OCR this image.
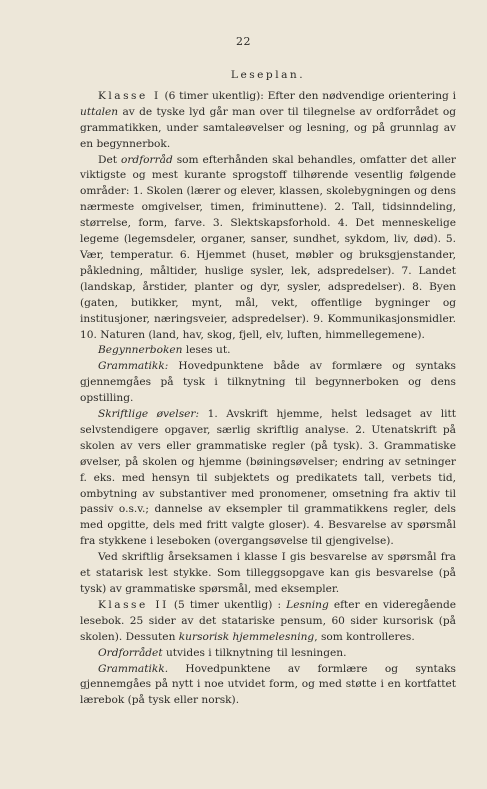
22

Leseplan.

Klasse I (6 timer ukentlig): Efter den nødvendige orientering i uttalen av de tyske lyd går man over til tilegnelse av ordforrådet og grammatikken, under samtaleøvelser og lesning, og på grunnlag av en begynnerbok.

Det ordforråd som efterhånden skal behandles, omfatter det aller viktigste og mest kurante sprogstoff tilhørende vesentlig følgende områder: 1. Skolen (lærer og elever, klassen, skolebygningen og dens nærmeste omgivelser, timen, friminuttene). 2. Tall, tidsinndeling, størrelse, form, farve. 3. Slektskapsforhold. 4. Det menneskelige legeme (legemsdeler, organer, sanser, sundhet, sykdom, liv, død). 5. Vær, temperatur. 6. Hjemmet (huset, møbler og bruksgjenstander, påkledning, måltider, huslige sysler, lek, adspredelser). 7. Landet (landskap, årstider, planter og dyr, sysler, adspredelser). 8. Byen (gaten, butikker, mynt, mål, vekt, offentlige bygninger og institusjoner, næringsveier, adspredelser). 9. Kommunikasjonsmidler. 10. Naturen (land, hav, skog, fjell, elv, luften, himmellegemene).

Begynnerboken leses ut.

Grammatikk: Hovedpunktene både av formlære og syntaks gjennemgåes på tysk i tilknytning til begynnerboken og dens opstilling.

Skriftlige øvelser: 1. Avskrift hjemme, helst ledsaget av litt selvstendigere opgaver, særlig skriftlig analyse. 2. Utenatskrift på skolen av vers eller grammatiske regler (på tysk). 3. Grammatiske øvelser, på skolen og hjemme (bøiningsøvelser; endring av setninger f. eks. med hensyn til subjektets og predikatets tall, verbets tid, ombytning av substantiver med pronomener, omsetning fra aktiv til passiv o.s.v.; dannelse av eksempler til grammatikkens regler, dels med opgitte, dels med fritt valgte gloser). 4. Besvarelse av spørsmål fra stykkene i leseboken (overgangsøvelse til gjengivelse).

Ved skriftlig årseksamen i klasse I gis besvarelse av spørsmål fra et statarisk lest stykke. Som tilleggsopgave kan gis besvarelse (på tysk) av grammatiske spørsmål, med eksempler.

Klasse II (5 timer ukentlig) : Lesning efter en videregående lesebok. 25 sider av det statariske pensum, 60 sider kursorisk (på skolen). Dessuten kursorisk hjemmelesning, som kontrolleres.

Ordforrådet utvides i tilknytning til lesningen.

Grammatikk. Hovedpunktene av formlære og syntaks gjennemgåes på nytt i noe utvidet form, og med støtte i en kortfattet lærebok (på tysk eller norsk).
